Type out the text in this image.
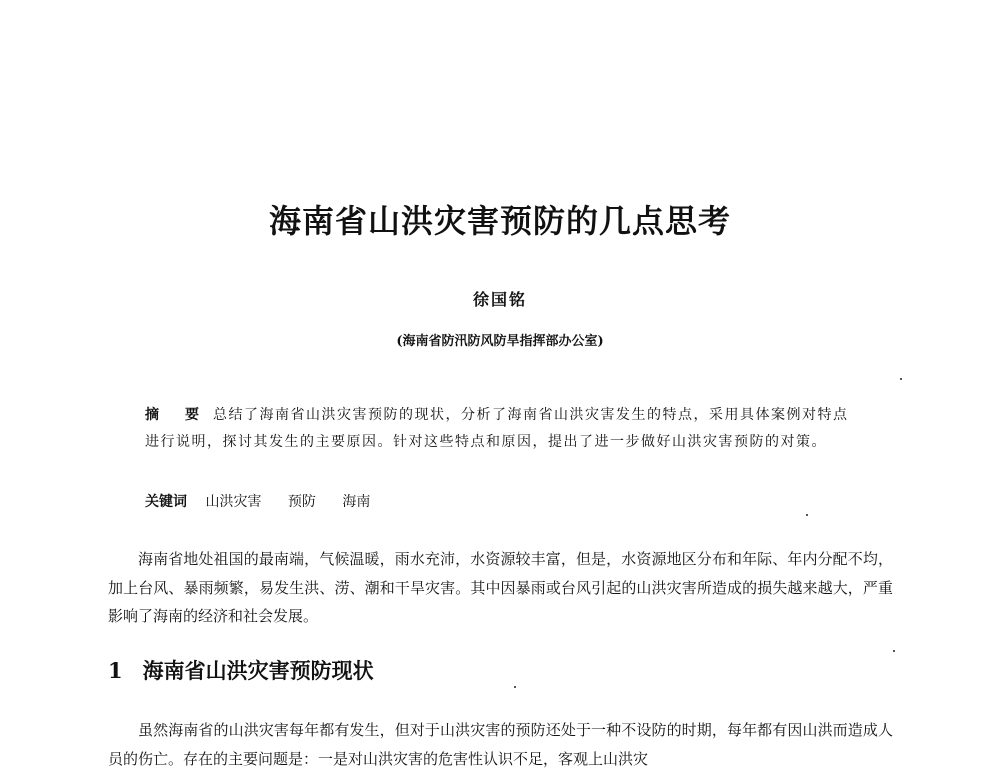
海南省山洪灾害预防的几点思考
徐国铭
(海南省防汛防风防旱指挥部办公室)
摘　要 总结了海南省山洪灾害预防的现状，分析了海南省山洪灾害发生的特点，采用具体案例对特点进行说明，探讨其发生的主要原因。针对这些特点和原因，提出了进一步做好山洪灾害预防的对策。
关键词 山洪灾害 预防 海南

海南省地处祖国的最南端，气候温暖，雨水充沛，水资源较丰富，但是，水资源地区分布和年际、年内分配不均，加上台风、暴雨频繁，易发生洪、涝、潮和干旱灾害。其中因暴雨或台风引起的山洪灾害所造成的损失越来越大，严重影响了海南的经济和社会发展。

1 海南省山洪灾害预防现状

虽然海南省的山洪灾害每年都有发生，但对于山洪灾害的预防还处于一种不设防的时期，每年都有因山洪而造成人员的伤亡。存在的主要问题是：一是对山洪灾害的危害性认识不足，客观上山洪灾
